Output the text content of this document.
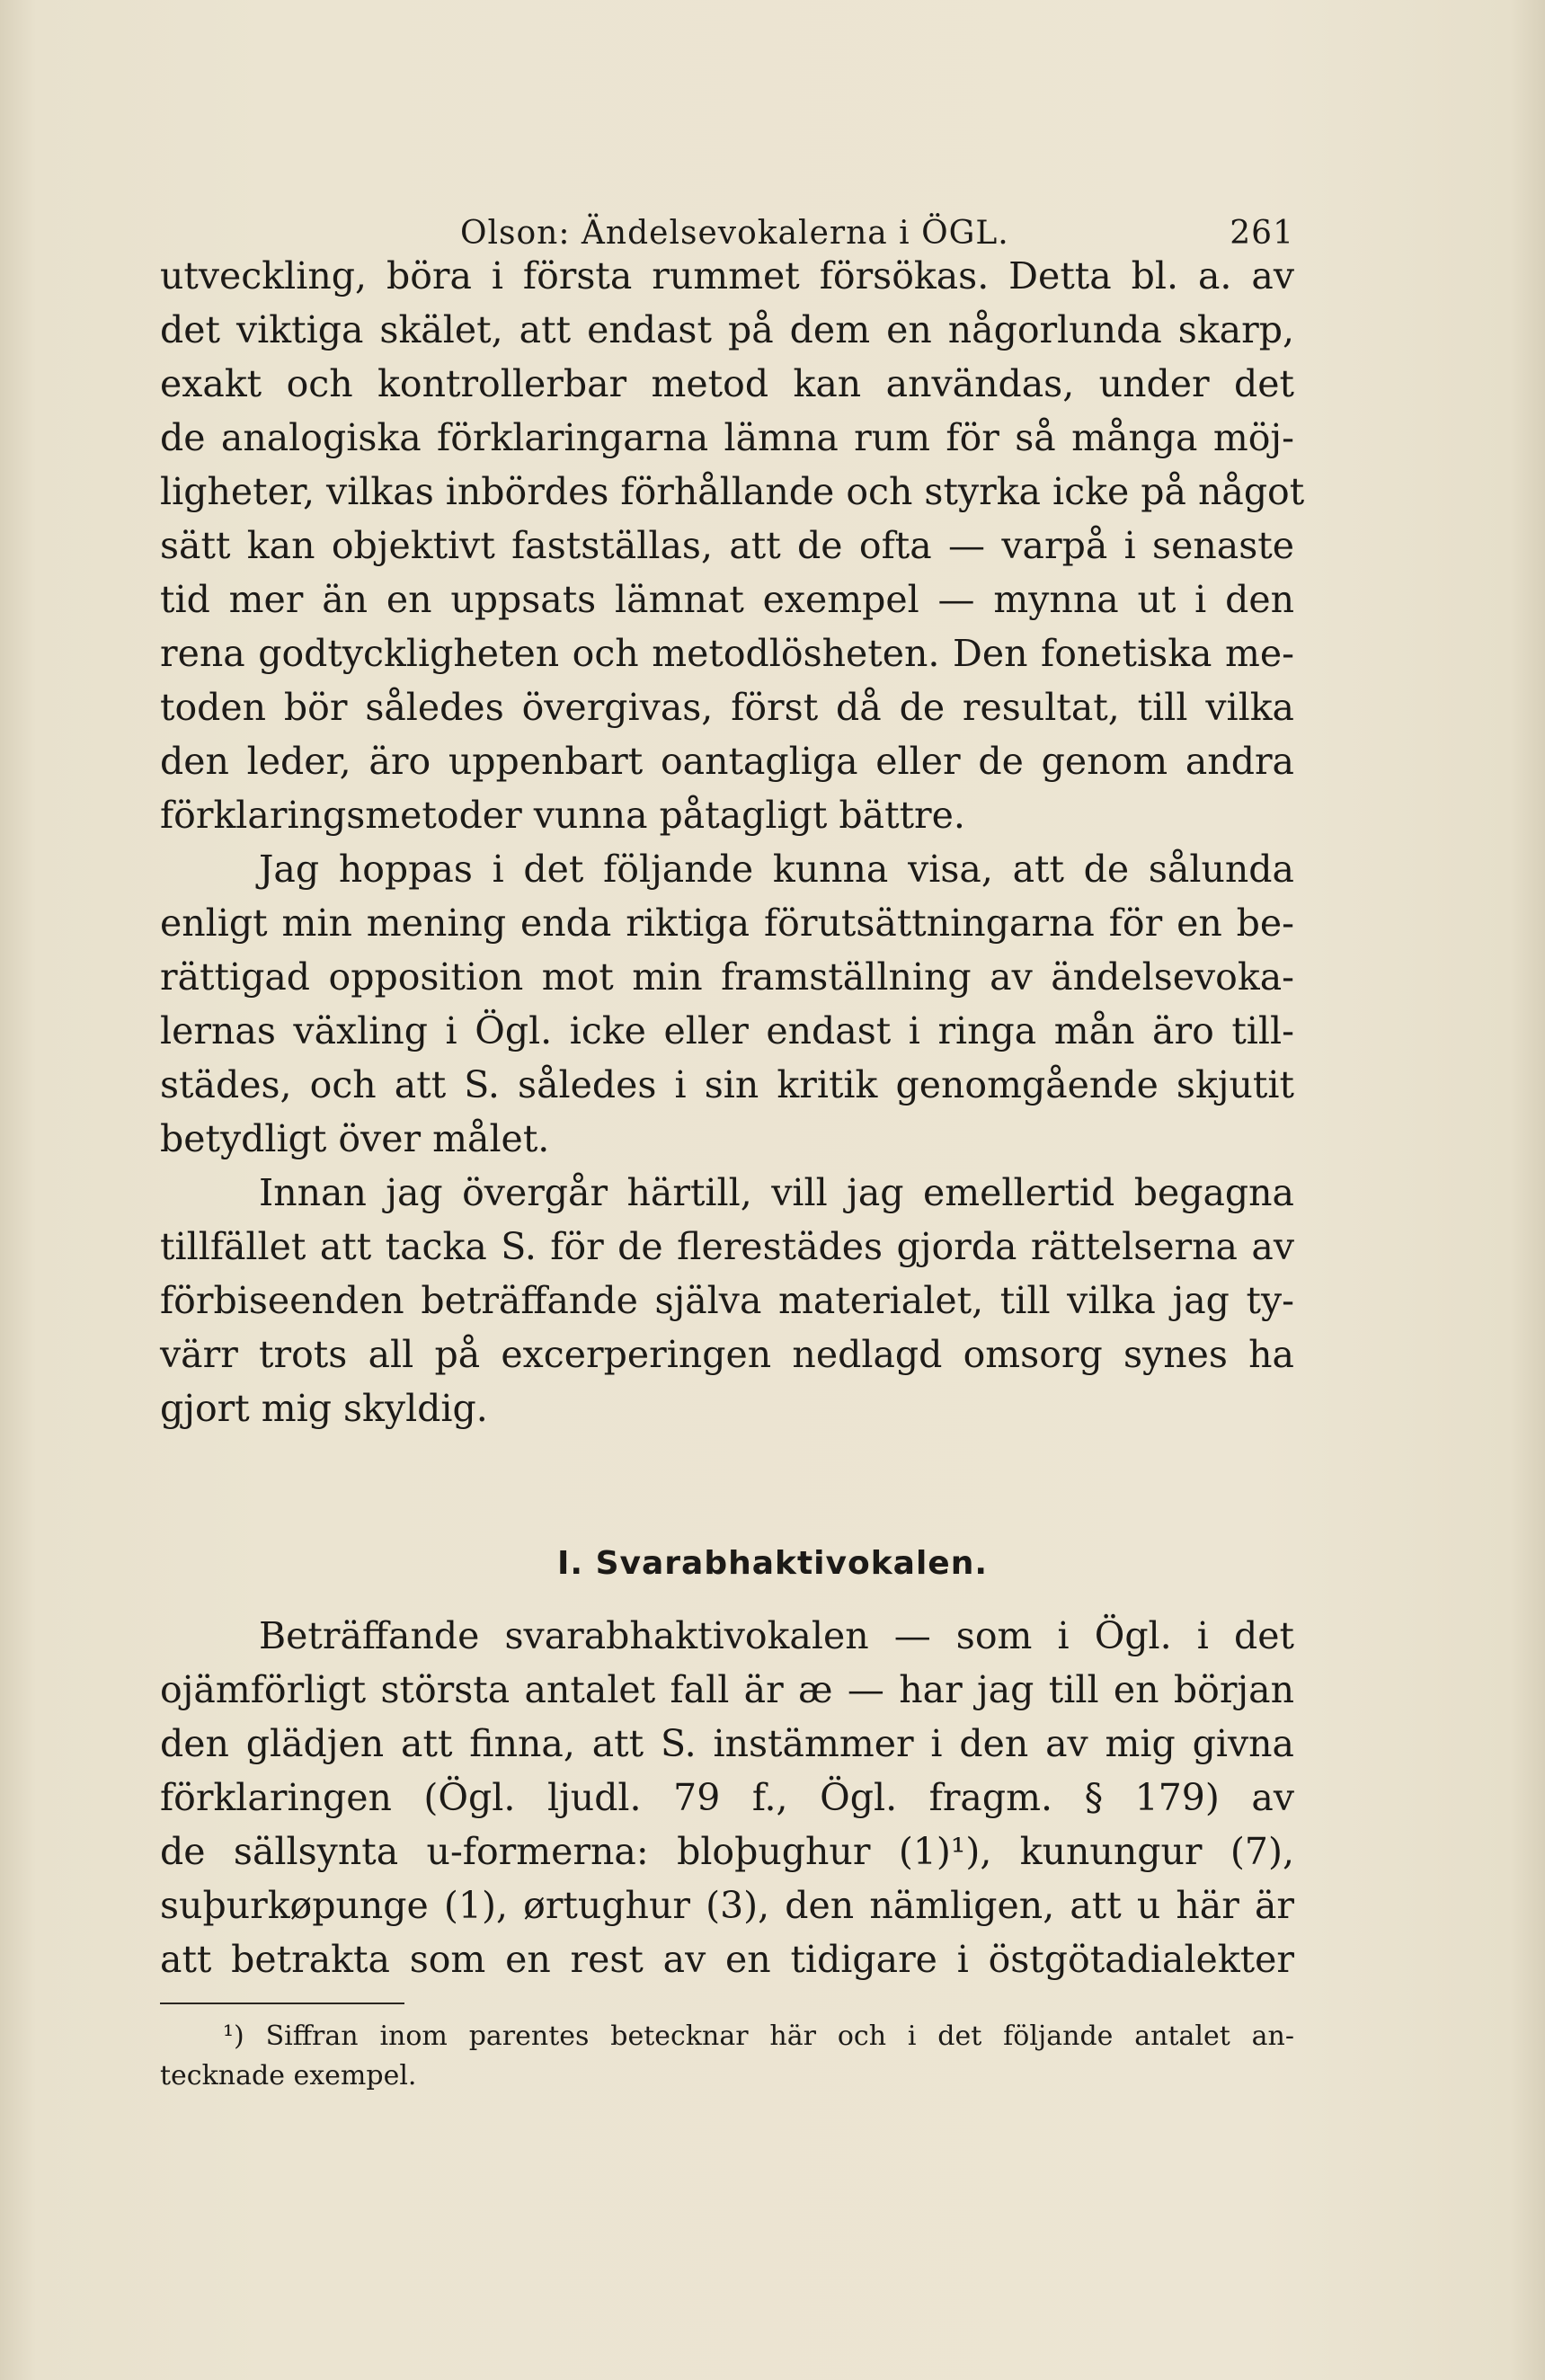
Olson: Ändelsevokalerna i ÖGL.	261
utveckling, böra i första rummet försökas. Detta bl. a. av
det viktiga skälet, att endast på dem en någorlunda skarp,
exakt och kontrollerbar metod kan användas, under det
de analogiska förklaringarna lämna rum för så många möj-
ligheter, vilkas inbördes förhållande och styrka icke på något
sätt kan objektivt fastställas, att de ofta — varpå i senaste
tid mer än en uppsats lämnat exempel — mynna ut i den
rena godtyckligheten och metodlösheten. Den fonetiska me-
toden bör således övergivas, först då de resultat, till vilka
den leder, äro uppenbart oantagliga eller de genom andra
förklaringsmetoder vunna påtagligt bättre.
Jag hoppas i det följande kunna visa, att de sålunda
enligt min mening enda riktiga förutsättningarna för en be-
rättigad opposition mot min framställning av ändelsevoka-
lernas växling i Ögl. icke eller endast i ringa mån äro till-
städes, och att S. således i sin kritik genomgående skjutit
betydligt över målet.
Innan jag övergår härtill, vill jag emellertid begagna
tillfället att tacka S. för de flerestädes gjorda rättelserna av
förbiseenden beträffande själva materialet, till vilka jag ty-
värr trots all på excerperingen nedlagd omsorg synes ha
gjort mig skyldig.
I. Svarabhaktivokalen.
Beträffande svarabhaktivokalen — som i Ögl. i det
ojämförligt största antalet fall är æ — har jag till en början
den glädjen att finna, att S. instämmer i den av mig givna
förklaringen (Ögl. ljudl. 79 f., Ögl. fragm. § 179) av
de sällsynta u-formerna: bloþughur (1)¹), kunungur (7),
suþurkøpunge (1), ørtughur (3), den nämligen, att u här är
att betrakta som en rest av en tidigare i östgötadialekter
¹) Siffran inom parentes betecknar här och i det följande antalet an-
tecknade exempel.
